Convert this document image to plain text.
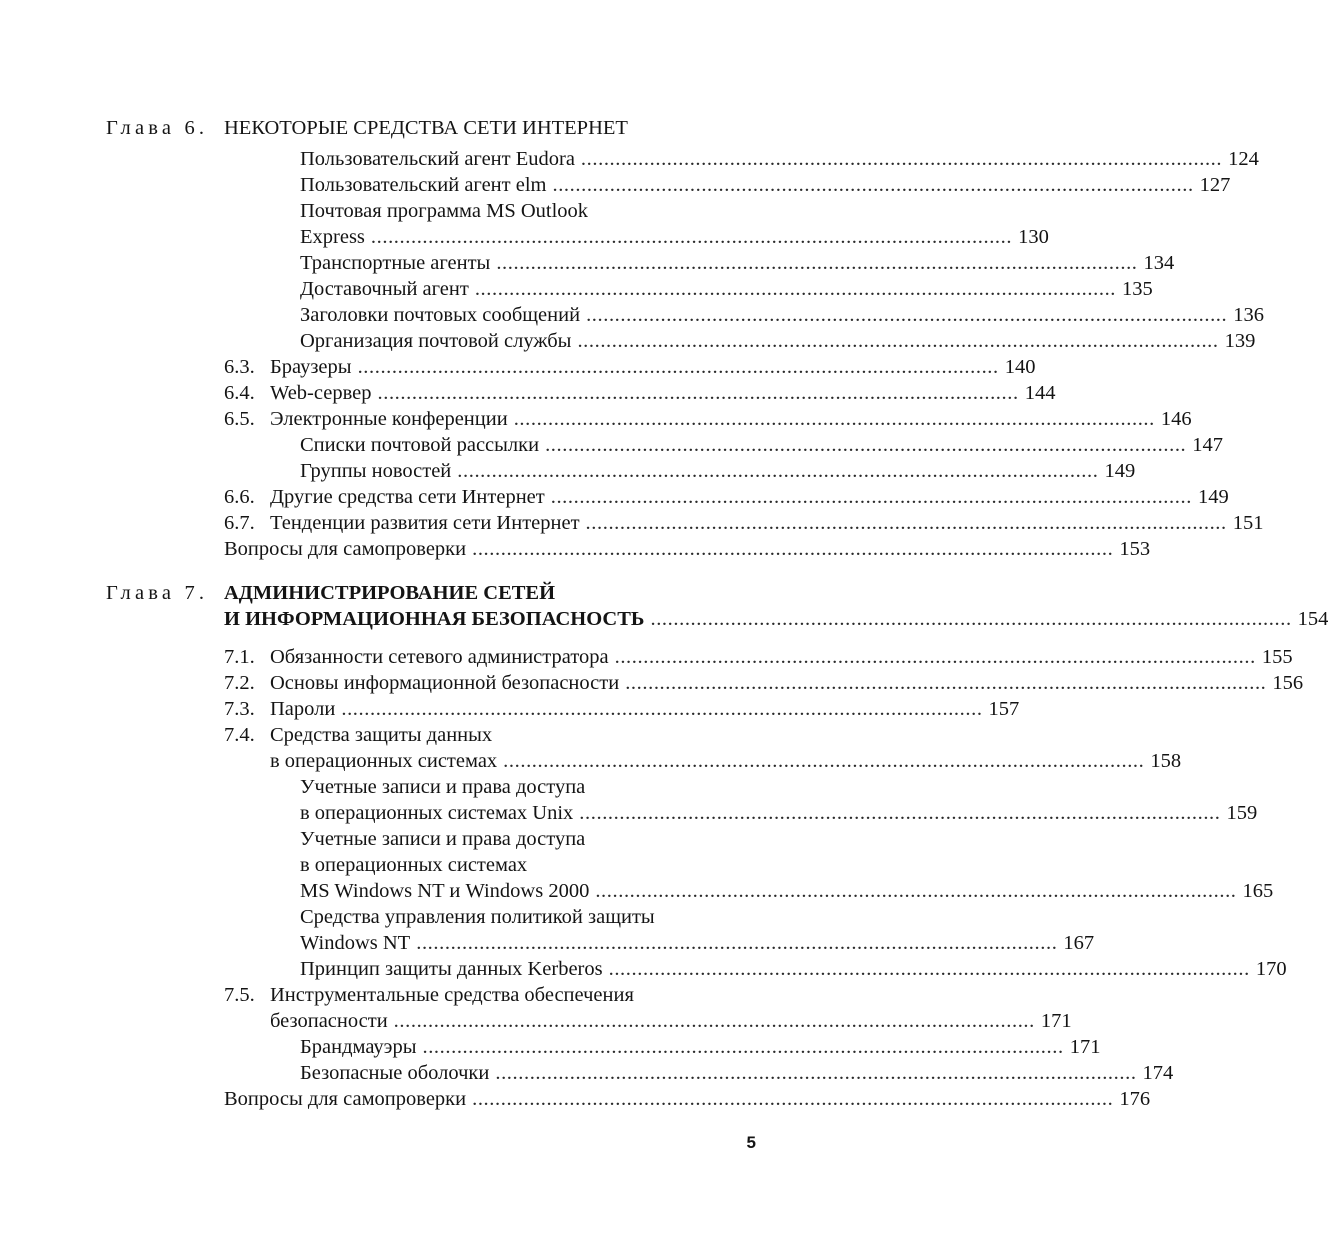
Глава 6. НЕКОТОРЫЕ СРЕДСТВА СЕТИ ИНТЕРНЕТ
Пользовательский агент Eudora ................................................................................................................ 124
Пользовательский агент elm ................................................................................................................ 127
Почтовая программа MS Outlook
Express ................................................................................................................ 130
Транспортные агенты ................................................................................................................ 134
Доставочный агент ................................................................................................................ 135
Заголовки почтовых сообщений ................................................................................................................ 136
Организация почтовой службы ................................................................................................................ 139
6.3. Браузеры ................................................................................................................ 140
6.4. Web-сервер ................................................................................................................ 144
6.5. Электронные конференции ................................................................................................................ 146
Списки почтовой рассылки ................................................................................................................ 147
Группы новостей ................................................................................................................ 149
6.6. Другие средства сети Интернет ................................................................................................................ 149
6.7. Тенденции развития сети Интернет ................................................................................................................ 151
Вопросы для самопроверки ................................................................................................................ 153
Глава 7. АДМИНИСТРИРОВАНИЕ СЕТЕЙ
И ИНФОРМАЦИОННАЯ БЕЗОПАСНОСТЬ ................................................................................................................ 154
7.1. Обязанности сетевого администратора ................................................................................................................ 155
7.2. Основы информационной безопасности ................................................................................................................ 156
7.3. Пароли ................................................................................................................ 157
7.4. Средства защиты данных
в операционных системах ................................................................................................................ 158
Учетные записи и права доступа
в операционных системах Unix ................................................................................................................ 159
Учетные записи и права доступа
в операционных системах
MS Windows NT и Windows 2000 ................................................................................................................ 165
Средства управления политикой защиты
Windows NT ................................................................................................................ 167
Принцип защиты данных Kerberos ................................................................................................................ 170
7.5. Инструментальные средства обеспечения
безопасности ................................................................................................................ 171
Брандмауэры ................................................................................................................ 171
Безопасные оболочки ................................................................................................................ 174
Вопросы для самопроверки ................................................................................................................ 176
5
